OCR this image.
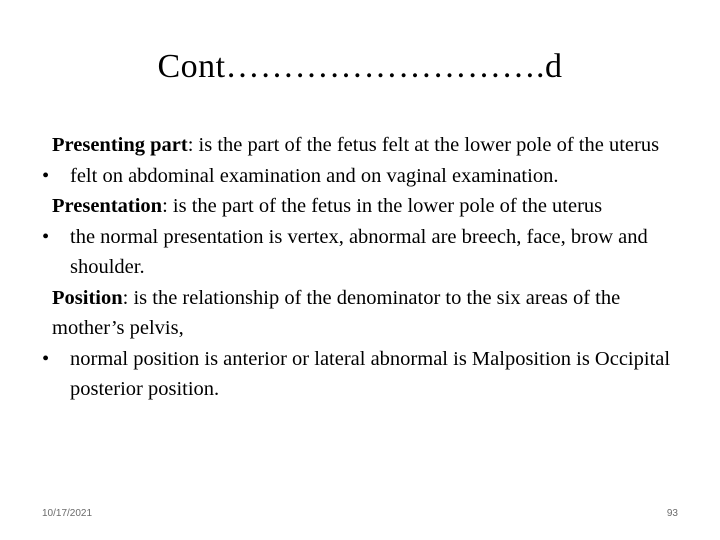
Cont……………………….d
Presenting part: is the part of the fetus felt at the lower pole of the uterus
• felt on abdominal examination and on vaginal examination.
Presentation: is the part of the fetus in the lower pole of the uterus
• the normal presentation is vertex, abnormal are breech, face, brow and shoulder.
Position: is the relationship of the denominator to the six areas of the mother’s pelvis,
• normal position is anterior or lateral abnormal is Malposition is Occipital posterior position.
10/17/2021	93
